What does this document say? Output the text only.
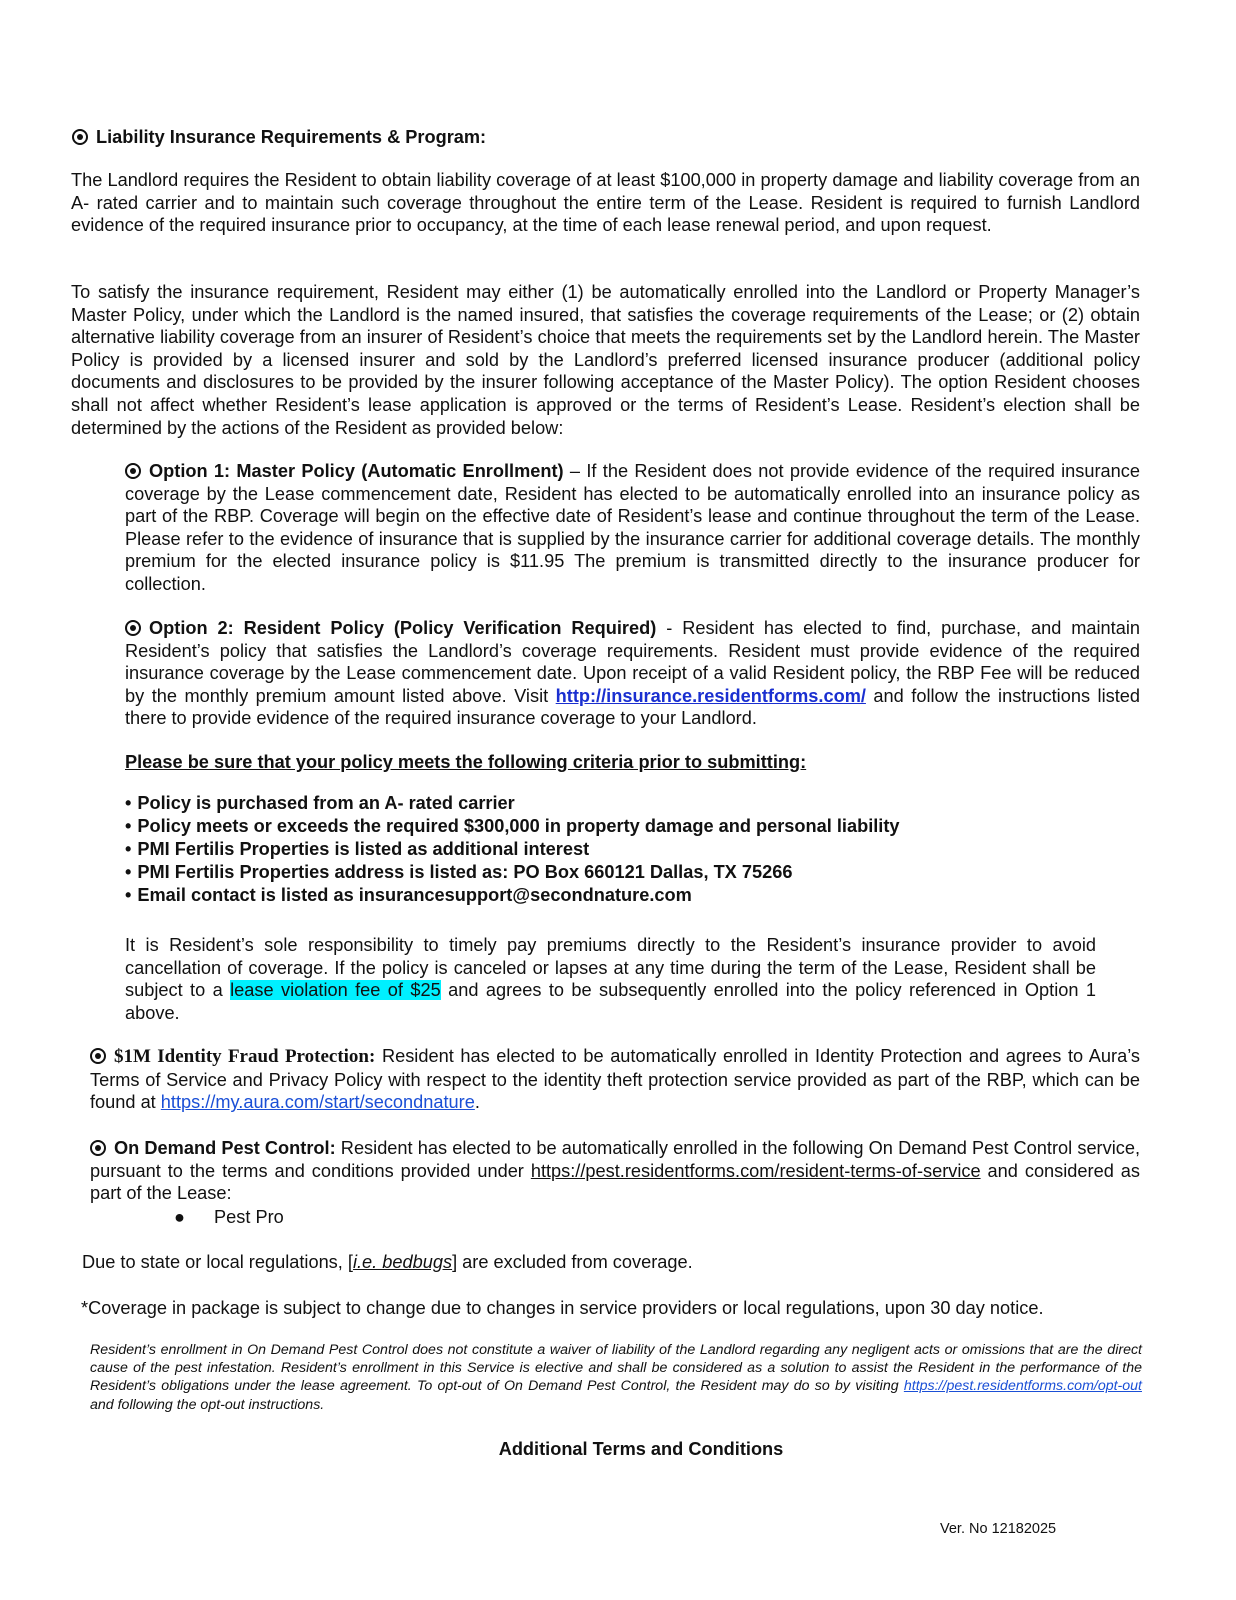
Liability Insurance Requirements & Program:
The Landlord requires the Resident to obtain liability coverage of at least $100,000 in property damage and liability coverage from an A- rated carrier and to maintain such coverage throughout the entire term of the Lease. Resident is required to furnish Landlord evidence of the required insurance prior to occupancy, at the time of each lease renewal period, and upon request.
To satisfy the insurance requirement, Resident may either (1) be automatically enrolled into the Landlord or Property Manager’s Master Policy, under which the Landlord is the named insured, that satisfies the coverage requirements of the Lease; or (2) obtain alternative liability coverage from an insurer of Resident’s choice that meets the requirements set by the Landlord herein. The Master Policy is provided by a licensed insurer and sold by the Landlord’s preferred licensed insurance producer (additional policy documents and disclosures to be provided by the insurer following acceptance of the Master Policy). The option Resident chooses shall not affect whether Resident’s lease application is approved or the terms of Resident’s Lease. Resident’s election shall be determined by the actions of the Resident as provided below:
Option 1: Master Policy (Automatic Enrollment) – If the Resident does not provide evidence of the required insurance coverage by the Lease commencement date, Resident has elected to be automatically enrolled into an insurance policy as part of the RBP. Coverage will begin on the effective date of Resident’s lease and continue throughout the term of the Lease. Please refer to the evidence of insurance that is supplied by the insurance carrier for additional coverage details. The monthly premium for the elected insurance policy is $11.95 The premium is transmitted directly to the insurance producer for collection.
Option 2: Resident Policy (Policy Verification Required) - Resident has elected to find, purchase, and maintain Resident’s policy that satisfies the Landlord’s coverage requirements. Resident must provide evidence of the required insurance coverage by the Lease commencement date. Upon receipt of a valid Resident policy, the RBP Fee will be reduced by the monthly premium amount listed above. Visit http://insurance.residentforms.com/ and follow the instructions listed there to provide evidence of the required insurance coverage to your Landlord.
Please be sure that your policy meets the following criteria prior to submitting:
• Policy is purchased from an A- rated carrier
• Policy meets or exceeds the required $300,000 in property damage and personal liability
• PMI Fertilis Properties is listed as additional interest
• PMI Fertilis Properties address is listed as: PO Box 660121 Dallas, TX 75266
• Email contact is listed as insurancesupport@secondnature.com
It is Resident’s sole responsibility to timely pay premiums directly to the Resident’s insurance provider to avoid cancellation of coverage. If the policy is canceled or lapses at any time during the term of the Lease, Resident shall be subject to a lease violation fee of $25 and agrees to be subsequently enrolled into the policy referenced in Option 1 above.
$1M Identity Fraud Protection: Resident has elected to be automatically enrolled in Identity Protection and agrees to Aura’s Terms of Service and Privacy Policy with respect to the identity theft protection service provided as part of the RBP, which can be found at https://my.aura.com/start/secondnature.
On Demand Pest Control: Resident has elected to be automatically enrolled in the following On Demand Pest Control service, pursuant to the terms and conditions provided under https://pest.residentforms.com/resident-terms-of-service and considered as part of the Lease:
● Pest Pro
Due to state or local regulations, [i.e. bedbugs] are excluded from coverage.
*Coverage in package is subject to change due to changes in service providers or local regulations, upon 30 day notice.
Resident’s enrollment in On Demand Pest Control does not constitute a waiver of liability of the Landlord regarding any negligent acts or omissions that are the direct cause of the pest infestation. Resident’s enrollment in this Service is elective and shall be considered as a solution to assist the Resident in the performance of the Resident’s obligations under the lease agreement. To opt-out of On Demand Pest Control, the Resident may do so by visiting https://pest.residentforms.com/opt-out and following the opt-out instructions.
Additional Terms and Conditions
Ver. No 12182025
